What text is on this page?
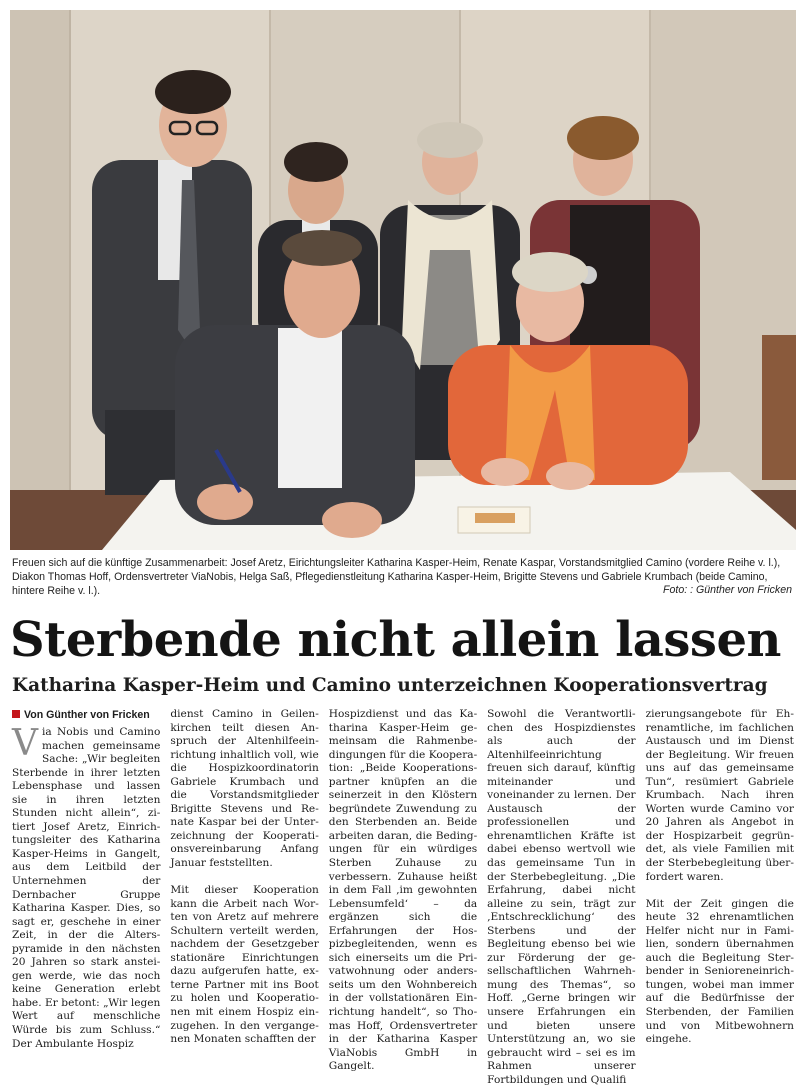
Freuen sich auf die künftige Zusammenarbeit: Josef Aretz, Eirichtungsleiter Katharina Kasper-Heim, Renate Kaspar, Vorstandsmitglied Camino (vordere Reihe v. l.), Diakon Thomas Hoff, Ordensvertreter ViaNobis, Helga Saß, Pflegedienstleitung Katharina Kasper-Heim, Brigitte Stevens und Gabriele Krumbach (beide Camino, hintere Reihe v. l.).	Foto: : Günther von Fricken
Sterbende nicht allein lassen
Katharina Kasper-Heim und Camino unterzeichnen Kooperationsvertrag
Von Günther von Fricken

Via Nobis und Camino machen gemeinsame Sache: „Wir begleiten Sterbende in ihrer letzten Lebensphase und lassen sie in ihren letzten Stunden nicht allein“, zitiert Josef Aretz, Einrichtungsleiter des Katharina Kasper-Heims in Gangelt, aus dem Leitbild der Unternehmen der Dernbacher Gruppe Katharina Kasper. Dies, so sagt er, geschehe in einer Zeit, in der die Alterspyramide in den nächsten 20 Jahren so stark ansteigen werde, wie das noch keine Generation erlebt habe. Er betont: „Wir legen Wert auf menschliche Würde bis zum Schluss.“ Der Ambulante Hospiz

dienst Camino in Geilenkirchen teilt diesen Anspruch der Altenhilfeeinrichtung inhaltlich voll, wie die Hospizkoordinatorin Gabriele Krumbach und die Vorstandsmitglieder Brigitte Stevens und Renate Kaspar bei der Unterzeichnung der Kooperationsvereinbarung Anfang Januar feststellten.

Mit dieser Kooperation kann die Arbeit nach Worten von Aretz auf mehrere Schultern verteilt werden, nachdem der Gesetzgeber stationäre Einrichtungen dazu aufgerufen hatte, externe Partner mit ins Boot zu holen und Kooperationen mit einem Hospiz einzugehen. In den vergangenen Monaten schafften der

Hospizdienst und das Katharina Kasper-Heim gemeinsam die Rahmenbedingungen für die Kooperation: „Beide Kooperationspartner knüpfen an die seinerzeit in den Klöstern begründete Zuwendung zu den Sterbenden an. Beide arbeiten daran, die Bedingungen für ein würdiges Sterben Zuhause zu verbessern. Zuhause heißt in dem Fall ‚im gewohnten Lebensumfeld‘ – da ergänzen sich die Erfahrungen der Hospizbegleitenden, wenn es sich einerseits um die Privatwohnung oder andersseits um den Wohnbereich in der vollstationären Einrichtung handelt“, so Thomas Hoff, Ordensvertreter in der Katharina Kasper ViaNobis GmbH in Gangelt.

Sowohl die Verantwortlichen des Hospizdienstes als auch der Altenhilfeeinrichtung freuen sich darauf, künftig miteinander und voneinander zu lernen. Der Austausch der professionellen und ehrenamtlichen Kräfte ist dabei ebenso wertvoll wie das gemeinsame Tun in der Sterbebegleitung. „Die Erfahrung, dabei nicht alleine zu sein, trägt zur ‚Entschrecklichung‘ des Sterbens und der Begleitung ebenso bei wie zur Förderung der gesellschaftlichen Wahrnehmung des Themas“, so Hoff. „Gerne bringen wir unsere Erfahrungen ein und bieten unsere Unterstützung an, wo sie gebraucht wird – sei es im Rahmen unserer Fortbildungen und Qualifi

zierungsangebote für Ehrenamtliche, im fachlichen Austausch und im Dienst der Begleitung. Wir freuen uns auf das gemeinsame Tun“, resümiert Gabriele Krumbach. Nach ihren Worten wurde Camino vor 20 Jahren als Angebot in der Hospizarbeit gegründet, als viele Familien mit der Sterbebegleitung überfordert waren.

Mit der Zeit gingen die heute 32 ehrenamtlichen Helfer nicht nur in Familien, sondern übernahmen auch die Begleitung Sterbender in Senioreneinrichtungen, wobei man immer auf die Bedürfnisse der Sterbenden, der Familien und von Mitbewohnern eingehe.
